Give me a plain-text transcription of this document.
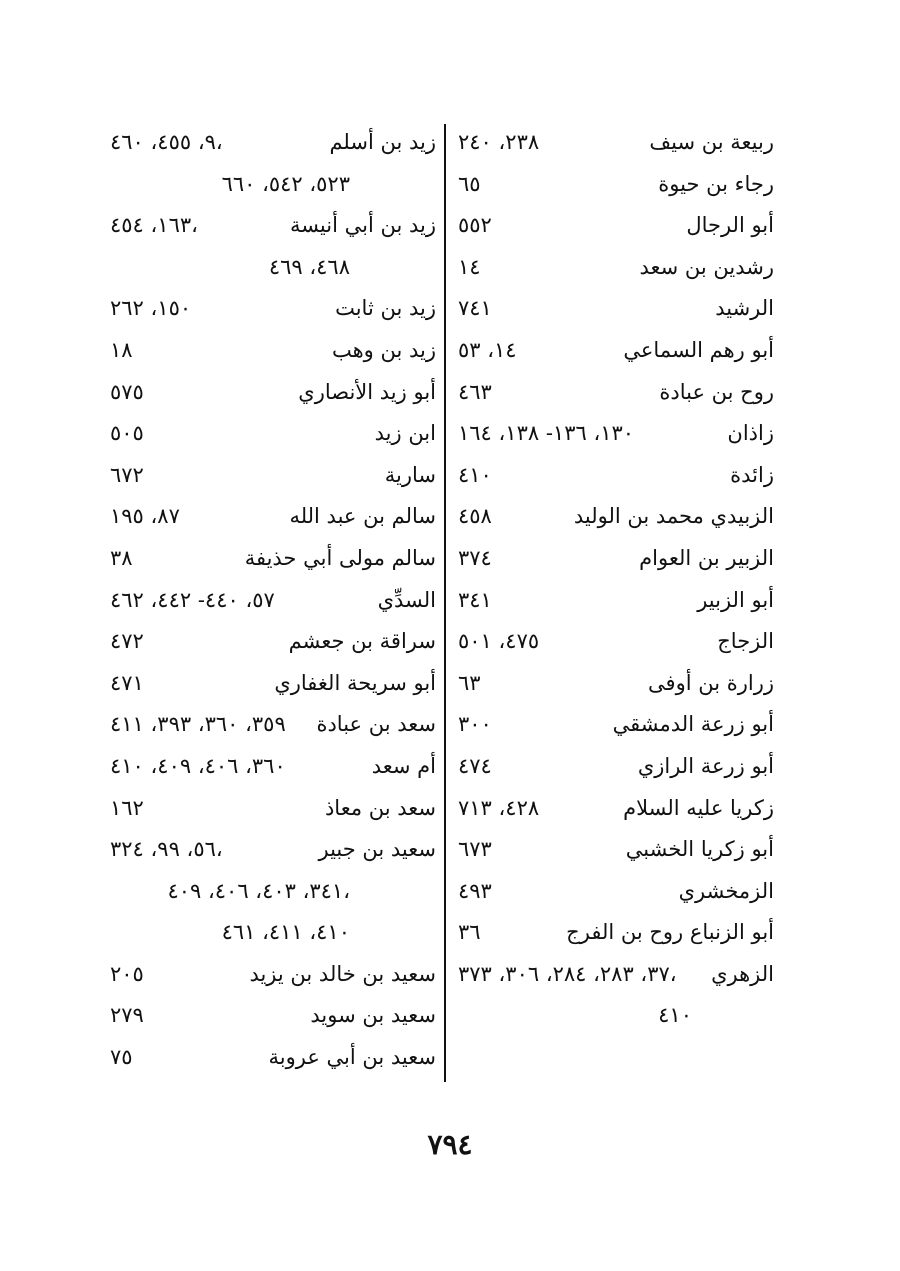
ربيعة بن سيف
٢٣٨، ٢٤٠
رجاء بن حيوة
٦٥
أبو الرجال
٥٥٢
رشدين بن سعد
١٤
الرشيد
٧٤١
أبو رهم السماعي
١٤، ٥٣
روح بن عبادة
٤٦٣
زاذان
١٣٠، ١٣٦- ١٣٨، ١٦٤
زائدة
٤١٠
الزبيدي محمد بن الوليد
٤٥٨
الزبير بن العوام
٣٧٤
أبو الزبير
٣٤١
الزجاج
٤٧٥، ٥٠١
زرارة بن أوفى
٦٣
أبو زرعة الدمشقي
٣٠٠
أبو زرعة الرازي
٤٧٤
زكريا عليه السلام
٤٢٨، ٧١٣
أبو زكريا الخشبي
٦٧٣
الزمخشري
٤٩٣
أبو الزنباع روح بن الفرج
٣٦
الزهري
٣٧، ٢٨٣، ٢٨٤، ٣٠٦، ٣٧٣،
٤١٠
زيد بن أسلم
٩، ٤٥٥، ٤٦٠،
٥٢٣، ٥٤٢، ٦٦٠
زيد بن أبي أنيسة
١٦٣، ٤٥٤،
٤٦٨، ٤٦٩
زيد بن ثابت
١٥٠، ٢٦٢
زيد بن وهب
١٨
أبو زيد الأنصاري
٥٧٥
ابن زيد
٥٠٥
سارية
٦٧٢
سالم بن عبد الله
٨٧، ١٩٥
سالم مولى أبي حذيفة
٣٨
السدِّي
٥٧، ٤٤٠- ٤٤٢، ٤٦٢
سراقة بن جعشم
٤٧٢
أبو سريحة الغفاري
٤٧١
سعد بن عبادة
٣٥٩، ٣٦٠، ٣٩٣، ٤١١
أم سعد
٣٦٠، ٤٠٦، ٤٠٩، ٤١٠
سعد بن معاذ
١٦٢
سعيد بن جبير
٥٦، ٩٩، ٣٢٤،
٣٤١، ٤٠٣، ٤٠٦، ٤٠٩،
٤١٠، ٤١١، ٤٦١
سعيد بن خالد بن يزيد
٢٠٥
سعيد بن سويد
٢٧٩
سعيد بن أبي عروبة
٧٥
٧٩٤
